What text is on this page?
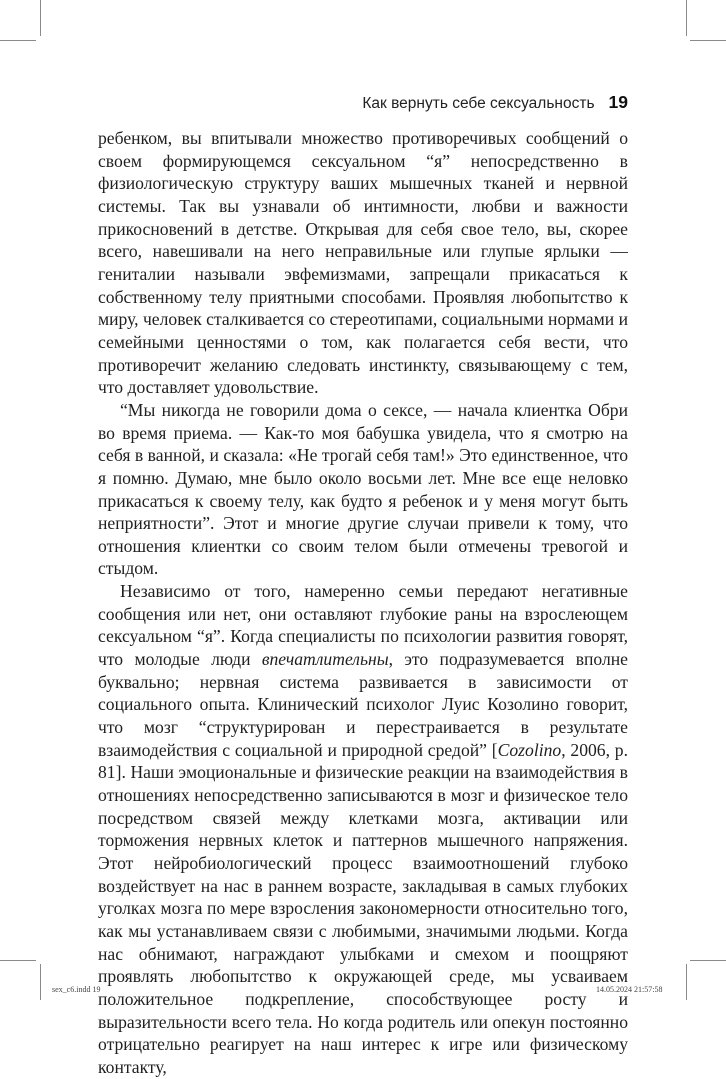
Как вернуть себе сексуальность 19

ребенком, вы впитывали множество противоречивых сообщений о своем формирующемся сексуальном “я” непосредственно в физиологическую структуру ваших мышечных тканей и нервной системы. Так вы узнавали об интимности, любви и важности прикосновений в детстве. Открывая для себя свое тело, вы, скорее всего, навешивали на него неправильные или глупые ярлыки — гениталии называли эвфемизмами, запрещали прикасаться к собственному телу приятными способами. Проявляя любопытство к миру, человек сталкивается со стереотипами, социальными нормами и семейными ценностями о том, как полагается себя вести, что противоречит желанию следовать инстинкту, связывающему с тем, что доставляет удовольствие.

“Мы никогда не говорили дома о сексе, — начала клиентка Обри во время приема. — Как-то моя бабушка увидела, что я смотрю на себя в ванной, и сказала: «Не трогай себя там!» Это единственное, что я помню. Думаю, мне было около восьми лет. Мне все еще неловко прикасаться к своему телу, как будто я ребенок и у меня могут быть неприятности”. Этот и многие другие случаи привели к тому, что отношения клиентки со своим телом были отмечены тревогой и стыдом.

Независимо от того, намеренно семьи передают негативные сообщения или нет, они оставляют глубокие раны на взрослеющем сексуальном “я”. Когда специалисты по психологии развития говорят, что молодые люди впечатлительны, это подразумевается вполне буквально; нервная система развивается в зависимости от социального опыта. Клинический психолог Луис Козолино говорит, что мозг “структурирован и перестраивается в результате взаимодействия с социальной и природной средой” [Cozolino, 2006, p. 81]. Наши эмоциональные и физические реакции на взаимодействия в отношениях непосредственно записываются в мозг и физическое тело посредством связей между клетками мозга, активации или торможения нервных клеток и паттернов мышечного напряжения. Этот нейробиологический процесс взаимоотношений глубоко воздействует на нас в раннем возрасте, закладывая в самых глубоких уголках мозга по мере взросления закономерности относительно того, как мы устанавливаем связи с любимыми, значимыми людьми. Когда нас обнимают, награждают улыбками и смехом и поощряют проявлять любопытство к окружающей среде, мы усваиваем положительное подкрепление, способствующее росту и выразительности всего тела. Но когда родитель или опекун постоянно отрицательно реагирует на наш интерес к игре или физическому контакту,

sex_c6.indd 19	14.05.2024 21:57:58
